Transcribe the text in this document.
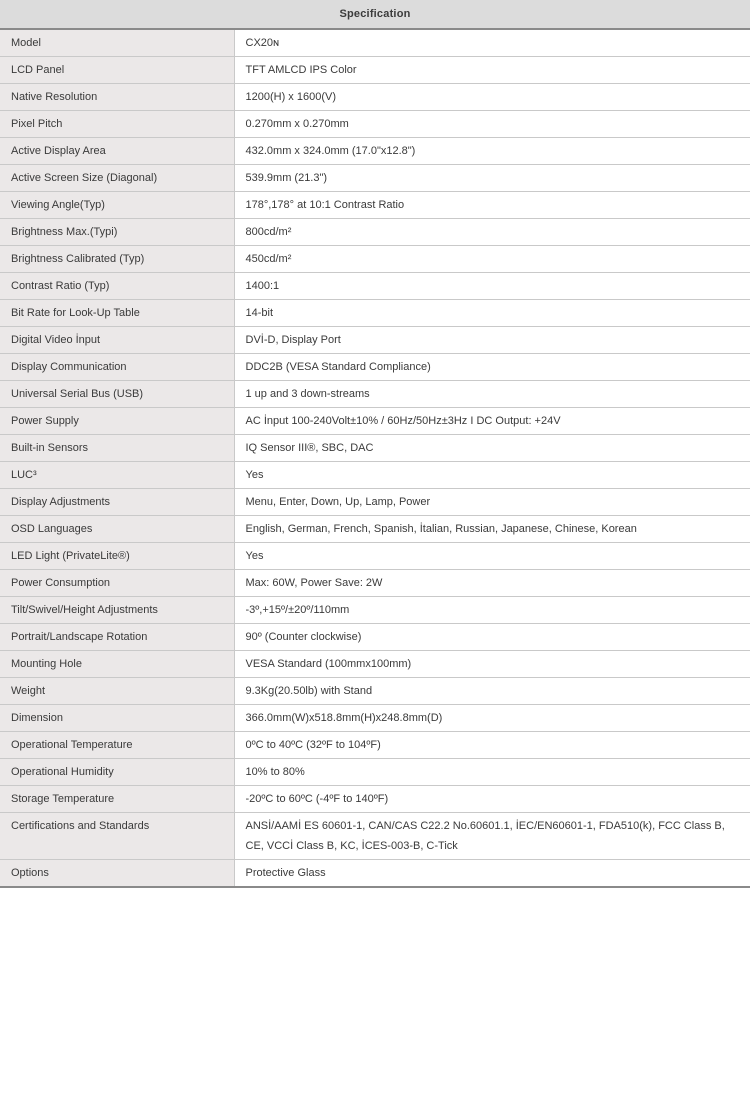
Specification	
Model	CX20ɴ
LCD Panel	TFT AMLCD IPS Color
Native Resolution	1200(H) x 1600(V)
Pixel Pitch	0.270mm x 0.270mm
Active Display Area	432.0mm x 324.0mm (17.0"x12.8")
Active Screen Size (Diagonal)	539.9mm (21.3")
Viewing Angle(Typ)	178°,178° at 10:1 Contrast Ratio
Brightness Max.(Typi)	800cd/m²
Brightness Calibrated (Typ)	450cd/m²
Contrast Ratio (Typ)	1400:1
Bit Rate for Look-Up Table	14-bit
Digital Video İnput	DVİ-D, Display Port
Display Communication	DDC2B (VESA Standard Compliance)
Universal Serial Bus (USB)	1 up and 3 down-streams
Power Supply	AC İnput 100-240Volt±10% / 60Hz/50Hz±3Hz I DC Output: +24V
Built-in Sensors	IQ Sensor III®, SBC, DAC
LUC³	Yes
Display Adjustments	Menu, Enter, Down, Up, Lamp, Power
OSD Languages	English, German, French, Spanish, İtalian, Russian, Japanese, Chinese, Korean
LED Light (PrivateLite®)	Yes
Power Consumption	Max: 60W, Power Save: 2W
Tilt/Swivel/Height Adjustments	-3º,+15º/±20º/110mm
Portrait/Landscape Rotation	90º (Counter clockwise)
Mounting Hole	VESA Standard (100mmx100mm)
Weight	9.3Kg(20.50lb) with Stand
Dimension	366.0mm(W)x518.8mm(H)x248.8mm(D)
Operational Temperature	0ºC to 40ºC (32ºF to 104ºF)
Operational Humidity	10% to 80%
Storage Temperature	-20ºC to 60ºC (-4ºF to 140ºF)
Certifications and Standards	ANSİ/AAMİ ES 60601-1, CAN/CAS C22.2 No.60601.1, İEC/EN60601-1, FDA510(k), FCC Class B, CE, VCCİ Class B, KC, İCES-003-B, C-Tick
Options	Protective Glass
